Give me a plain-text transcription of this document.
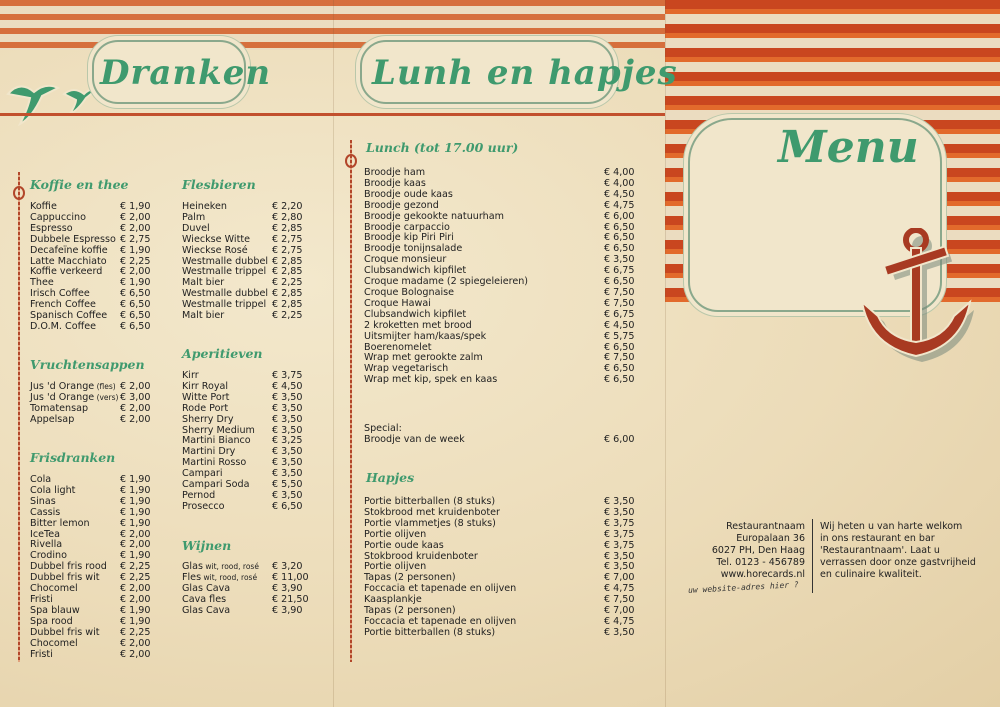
Dranken	Lunh en hapjes
Koffie en thee
Koffie	€ 1,90
Cappuccino	€ 2,00
Espresso	€ 2,00
Dubbele Espresso € 2,75
Decafeïne koffie € 1,90
Latte Macchiato € 2,25
Koffie verkeerd € 2,00
Thee	€ 1,90
Irisch Coffee	€ 6,50
French Coffee	€ 6,50
Spanisch Coffee € 6,50
D.O.M. Coffee € 6,50
Vruchtensappen
Jus 'd Orange (fles) € 2,00
Jus 'd Orange (vers) € 3,00
Tomatensap	€ 2,00
Appelsap	€ 2,00
Frisdranken
Cola	€ 1,90
Cola light	€ 1,90
Sinas	€ 1,90
Cassis	€ 1,90
Bitter lemon	€ 1,90
IceTea	€ 2,00
Rivella	€ 2,00
Crodino	€ 1,90
Dubbel fris rood € 2,25
Dubbel fris wit € 2,25
Chocomel	€ 2,00
Fristi	€ 2,00
Spa blauw	€ 1,90
Spa rood	€ 1,90
Dubbel fris wit € 2,25
Chocomel	€ 2,00
Fristi	€ 2,00
Flesbieren
Heineken	€ 2,20
Palm	€ 2,80
Duvel	€ 2,85
Wieckse Witte € 2,75
Wieckse Rosé	€ 2,75
Westmalle dubbel € 2,85
Westmalle trippel € 2,85
Malt bier	€ 2,25
Westmalle dubbel € 2,85
Westmalle trippel € 2,85
Malt bier	€ 2,25
Aperitieven
Kirr	€ 3,75
Kirr Royal	€ 4,50
Witte Port	€ 3,50
Rode Port	€ 3,50
Sherry Dry	€ 3,50
Sherry Medium € 3,50
Martini Bianco € 3,25
Martini Dry	€ 3,50
Martini Rosso	€ 3,50
Campari	€ 3,50
Campari Soda € 5,50
Pernod	€ 3,50
Prosecco	€ 6,50
Wijnen
Glas wit, rood, rosé € 3,20
Fles wit, rood, rosé € 11,00
Glas Cava	€ 3,90
Cava fles	€ 21,50
Glas Cava	€ 3,90
Lunch (tot 17.00 uur)
Broodje ham	€ 4,00
Broodje kaas	€ 4,00
Broodje oude kaas	€ 4,50
Broodje gezond	€ 4,75
Broodje gekookte natuurham	€ 6,00
Broodje carpaccio	€ 6,50
Broodje kip Piri Piri	€ 6,50
Broodje tonijnsalade	€ 6,50
Croque monsieur	€ 3,50
Clubsandwich kipfilet	€ 6,75
Croque madame (2 spiegeleieren)	€ 6,50
Croque Bolognaise	€ 7,50
Croque Hawai	€ 7,50
Clubsandwich kipfilet	€ 6,75
2 kroketten met brood	€ 4,50
Uitsmijter ham/kaas/spek	€ 5,75
Boerenomelet	€ 6,50
Wrap met gerookte zalm	€ 7,50
Wrap vegetarisch	€ 6,50
Wrap met kip, spek en kaas	€ 6,50
Special:
Broodje van de week	€ 6,00
Hapjes
Portie bitterballen (8 stuks)	€ 3,50
Stokbrood met kruidenboter	€ 3,50
Portie vlammetjes (8 stuks)	€ 3,75
Portie olijven	€ 3,75
Portie oude kaas	€ 3,75
Stokbrood kruidenboter	€ 3,50
Portie olijven	€ 3,50
Tapas (2 personen)	€ 7,00
Foccacia et tapenade en olijven	€ 4,75
Kaasplankje	€ 7,50
Tapas (2 personen)	€ 7,00
Foccacia et tapenade en olijven	€ 4,75
Portie bitterballen (8 stuks)	€ 3,50
Menu
Restaurantnaam
Europalaan 36
6027 PH, Den Haag
Tel. 0123 - 456789
www.horecards.nl
uw website-adres hier ?
Wij heten u van harte welkom
in ons restaurant en bar
'Restaurantnaam'. Laat u
verrassen door onze gastvrijheid
en culinaire kwaliteit.
